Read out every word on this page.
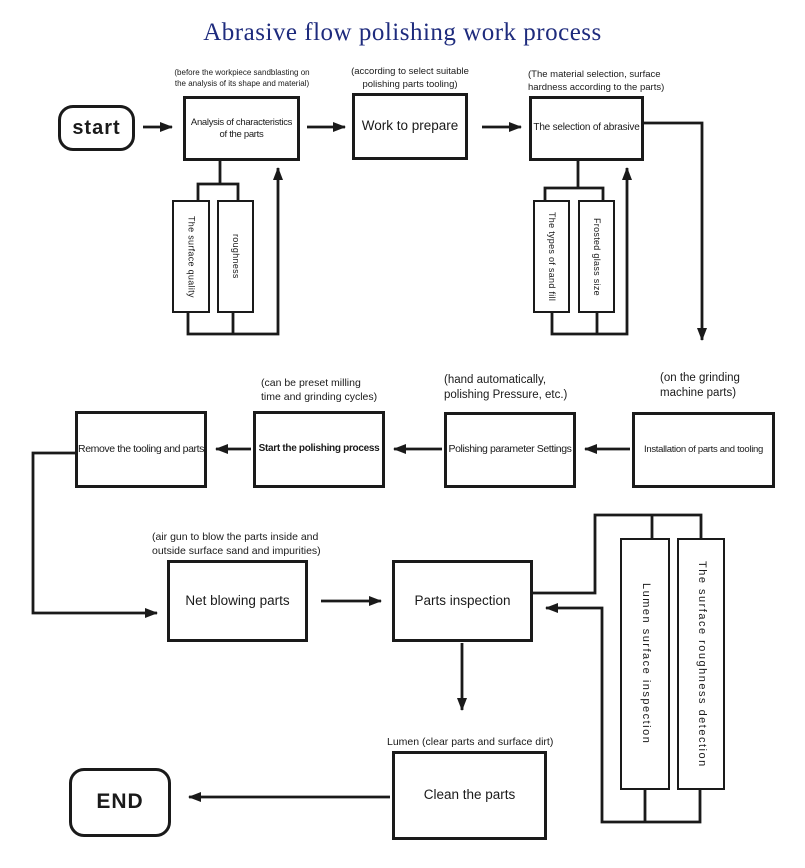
Abrasive flow polishing work process
start
(before the workpiece sandblasting on
the analysis of its shape and material)
Analysis of characteristics of the parts
(according to select suitable
polishing parts tooling)
Work to prepare
(The material selection, surface
hardness according to the parts)
The selection of abrasive
The surface quality	roughness	The types of sand fill	Frosted glass size
(can be preset milling
time and grinding cycles)
(hand automatically,
polishing Pressure, etc.)
(on the grinding
machine parts)
Remove the tooling and parts	Start the polishing process	Polishing parameter Settings	Installation of parts and tooling
(air gun to blow the parts inside and
outside surface sand and impurities)
Net blowing parts	Parts inspection	Lumen surface inspection	The surface roughness detection
Lumen (clear parts and surface dirt)
Clean the parts
END
